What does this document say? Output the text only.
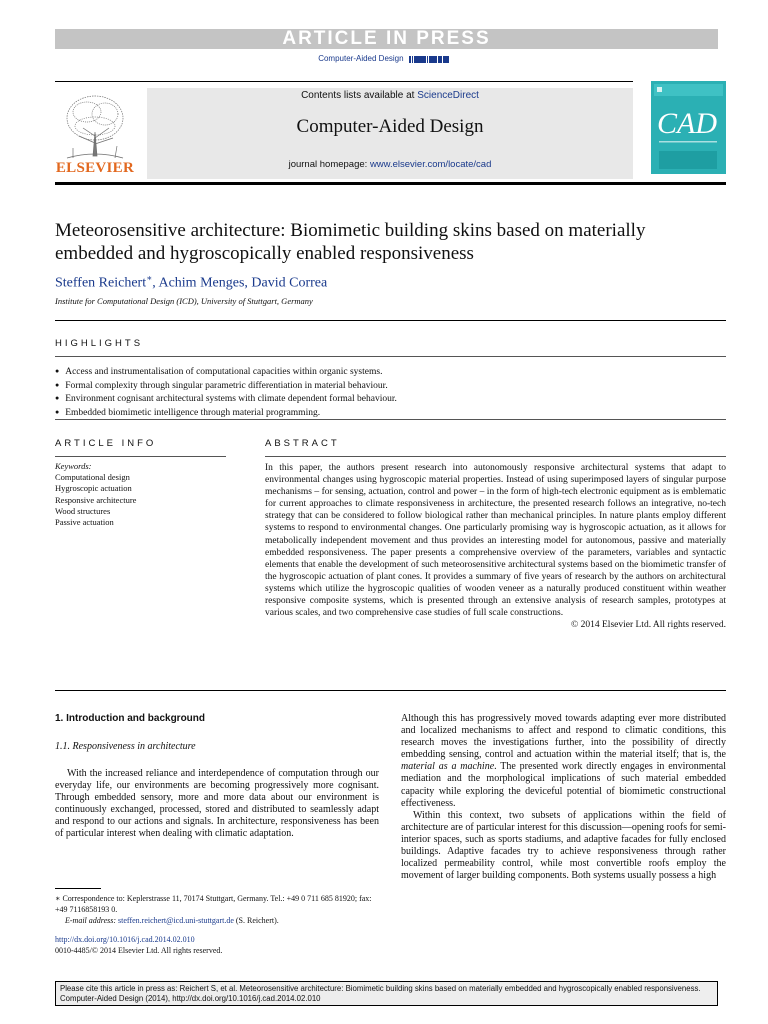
ARTICLE IN PRESS
Computer-Aided Design
Contents lists available at ScienceDirect
Computer-Aided Design
journal homepage: www.elsevier.com/locate/cad
ELSEVIER
CAD
Meteorosensitive architecture: Biomimetic building skins based on materially embedded and hygroscopically enabled responsiveness
Steffen Reichert∗, Achim Menges, David Correa
Institute for Computational Design (ICD), University of Stuttgart, Germany
HIGHLIGHTS
● Access and instrumentalisation of computational capacities within organic systems.
● Formal complexity through singular parametric differentiation in material behaviour.
● Environment cognisant architectural systems with climate dependent formal behaviour.
● Embedded biomimetic intelligence through material programming.
ARTICLE INFO
Keywords:
Computational design
Hygroscopic actuation
Responsive architecture
Wood structures
Passive actuation
ABSTRACT
In this paper, the authors present research into autonomously responsive architectural systems that adapt to environmental changes using hygroscopic material properties. Instead of using superimposed layers of singular purpose mechanisms – for sensing, actuation, control and power – in the form of high-tech electronic equipment as is emblematic for current approaches to climate responsiveness in architecture, the presented research follows an integrative, no-tech strategy that can be considered to follow biological rather than mechanical principles. In nature plants employ different systems to respond to environmental changes. One particularly promising way is hygroscopic actuation, as it allows for metabolically independent movement and thus provides an interesting model for autonomous, passive and materially embedded responsiveness. The paper presents a comprehensive overview of the parameters, variables and syntactic elements that enable the development of such meteorosensitive architectural systems based on the biomimetic transfer of the hygroscopic actuation of plant cones. It provides a summary of five years of research by the authors on architectural systems which utilize the hygroscopic qualities of wooden veneer as a naturally produced constituent within weather responsive composite systems, which is presented through an extensive analysis of research samples, prototypes at various scales, and two comprehensive case studies of full scale constructions.
© 2014 Elsevier Ltd. All rights reserved.
1. Introduction and background
1.1. Responsiveness in architecture

With the increased reliance and interdependence of computation through our everyday life, our environments are becoming progressively more cognisant. Through embedded sensory, more and more data about our environment is continuously exchanged, processed, stored and distributed to seamlessly adapt and respond to our actions and signals. In architecture, responsiveness has been of particular interest when dealing with climatic adaptation.

Although this has progressively moved towards adapting ever more distributed and localized mechanisms to affect and respond to climatic conditions, this research moves the investigations further, into the possibility of directly embedding sensing, control and actuation within the material itself; that is, the material as a machine. The presented work directly engages in environmental mediation and the morphological implications of such material embedded capacity while exploring the deviceful potential of biomimetic constructional effectiveness.

Within this context, two subsets of applications within the field of architecture are of particular interest for this discussion—opening roofs for semi-interior spaces, such as sports stadiums, and adaptive facades for fully enclosed buildings. Adaptive facades try to achieve responsiveness through rather localized permeability control, while most convertible roofs employ the movement of larger building components. Both systems usually possess a high

∗ Correspondence to: Keplerstrasse 11, 70174 Stuttgart, Germany. Tel.: +49 0 711 685 81920; fax: +49 7116858193 0.
E-mail address: steffen.reichert@icd.uni-stuttgart.de (S. Reichert).
http://dx.doi.org/10.1016/j.cad.2014.02.010
0010-4485/© 2014 Elsevier Ltd. All rights reserved.
Please cite this article in press as: Reichert S, et al. Meteorosensitive architecture: Biomimetic building skins based on materially embedded and hygroscopically enabled responsiveness. Computer-Aided Design (2014), http://dx.doi.org/10.1016/j.cad.2014.02.010
